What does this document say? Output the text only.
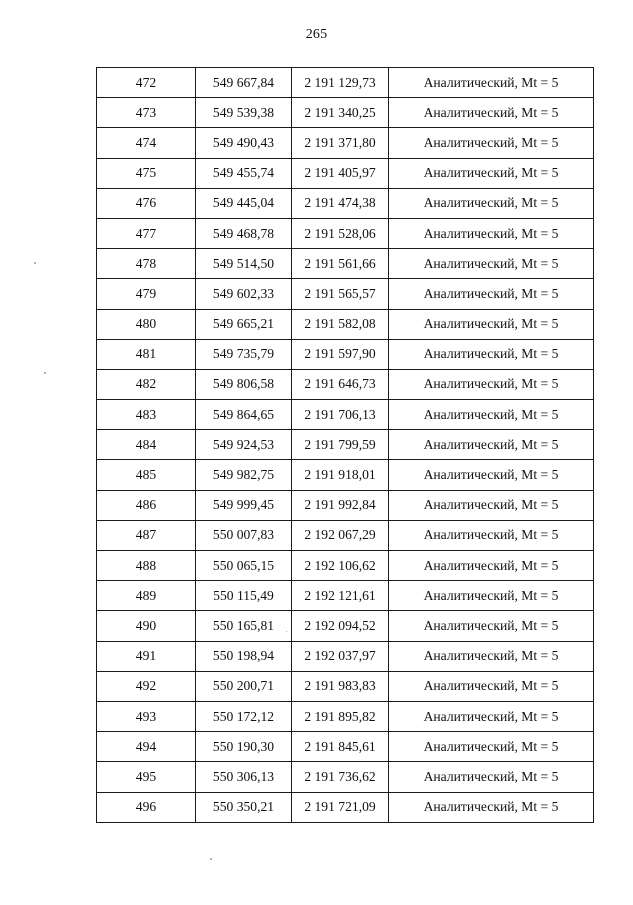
265
472	549 667,84	2 191 129,73	Аналитический, Mt = 5
473	549 539,38	2 191 340,25	Аналитический, Mt = 5
474	549 490,43	2 191 371,80	Аналитический, Mt = 5
475	549 455,74	2 191 405,97	Аналитический, Mt = 5
476	549 445,04	2 191 474,38	Аналитический, Mt = 5
477	549 468,78	2 191 528,06	Аналитический, Mt = 5
478	549 514,50	2 191 561,66	Аналитический, Mt = 5
479	549 602,33	2 191 565,57	Аналитический, Mt = 5
480	549 665,21	2 191 582,08	Аналитический, Mt = 5
481	549 735,79	2 191 597,90	Аналитический, Mt = 5
482	549 806,58	2 191 646,73	Аналитический, Mt = 5
483	549 864,65	2 191 706,13	Аналитический, Mt = 5
484	549 924,53	2 191 799,59	Аналитический, Mt = 5
485	549 982,75	2 191 918,01	Аналитический, Mt = 5
486	549 999,45	2 191 992,84	Аналитический, Mt = 5
487	550 007,83	2 192 067,29	Аналитический, Mt = 5
488	550 065,15	2 192 106,62	Аналитический, Mt = 5
489	550 115,49	2 192 121,61	Аналитический, Mt = 5
490	550 165,81	2 192 094,52	Аналитический, Mt = 5
491	550 198,94	2 192 037,97	Аналитический, Mt = 5
492	550 200,71	2 191 983,83	Аналитический, Mt = 5
493	550 172,12	2 191 895,82	Аналитический, Mt = 5
494	550 190,30	2 191 845,61	Аналитический, Mt = 5
495	550 306,13	2 191 736,62	Аналитический, Mt = 5
496	550 350,21	2 191 721,09	Аналитический, Mt = 5
